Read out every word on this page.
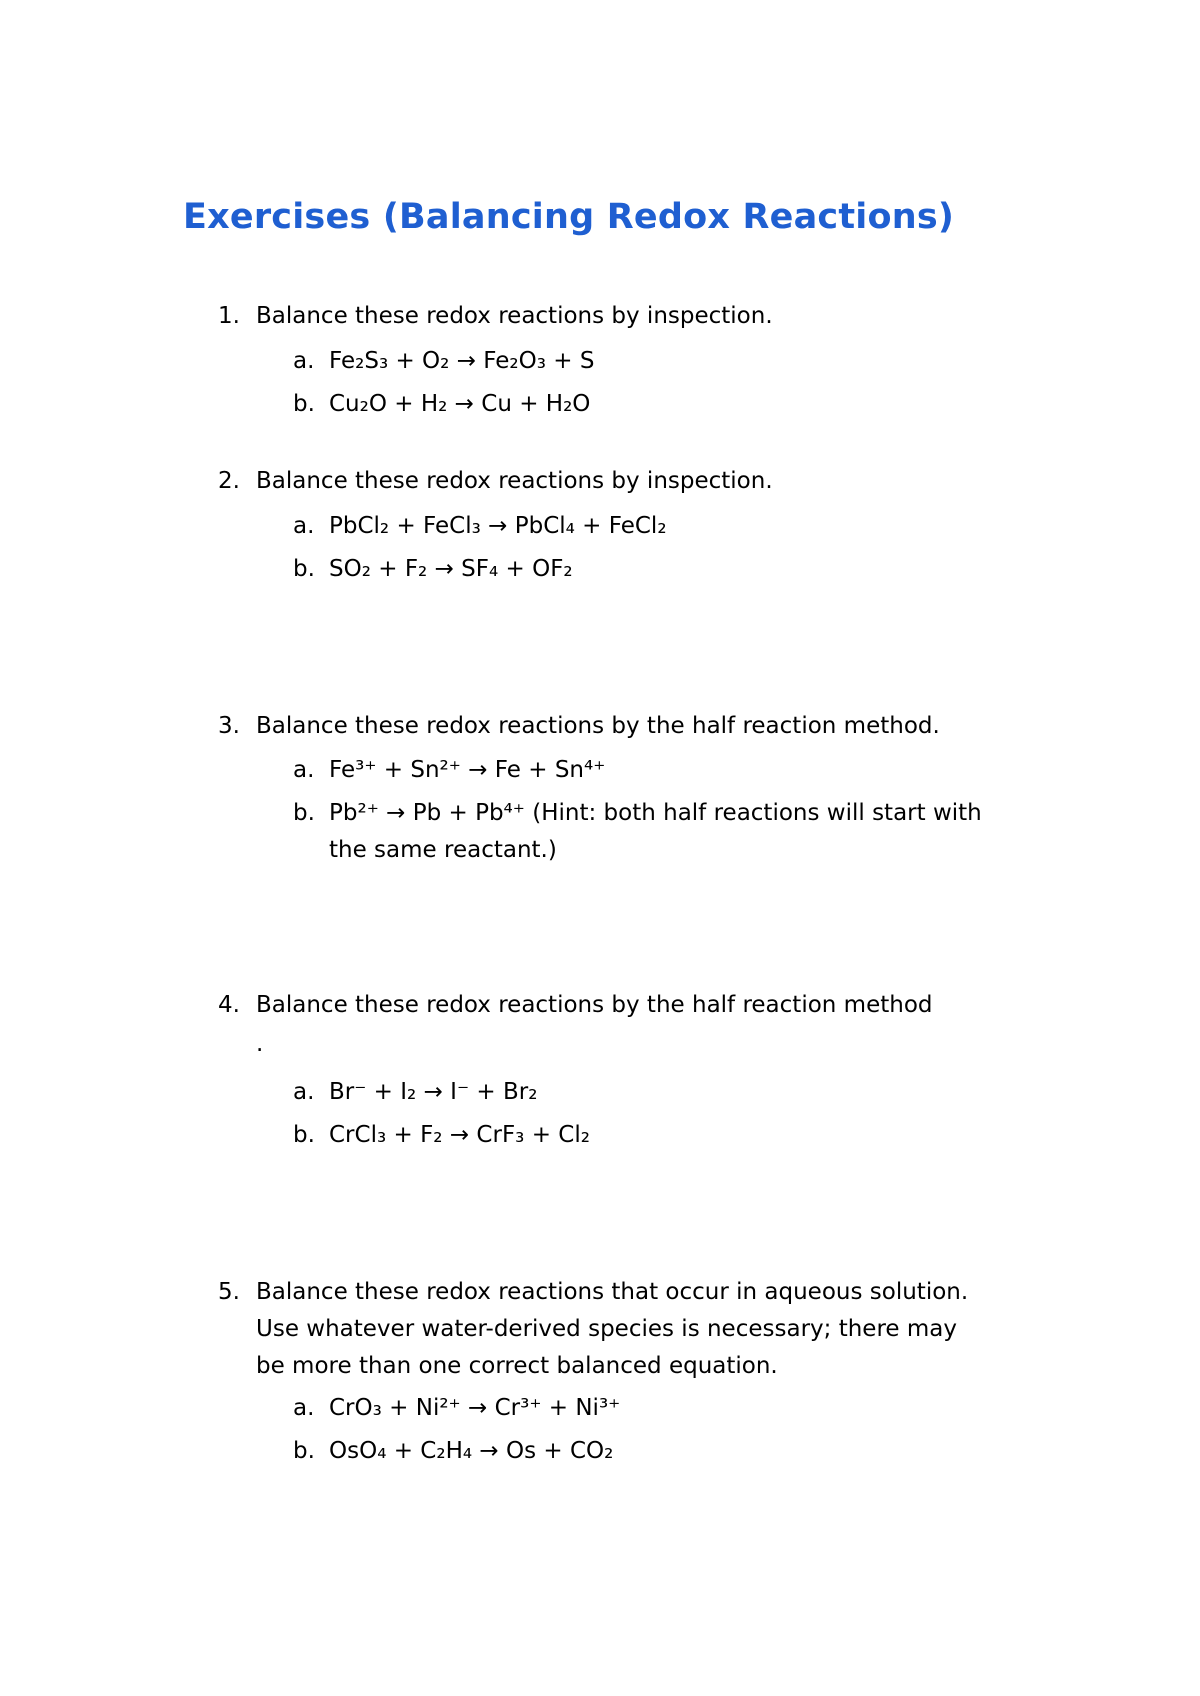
Exercises (Balancing Redox Reactions)
1. Balance these redox reactions by inspection.
a. Fe₂S₃ + O₂ → Fe₂O₃ + S
b. Cu₂O + H₂ → Cu + H₂O
2. Balance these redox reactions by inspection.
a. PbCl₂ + FeCl₃ → PbCl₄ + FeCl₂
b. SO₂ + F₂ → SF₄ + OF₂
3. Balance these redox reactions by the half reaction method.
a. Fe³⁺ + Sn²⁺ → Fe + Sn⁴⁺
b. Pb²⁺ → Pb + Pb⁴⁺ (Hint: both half reactions will start with
the same reactant.)
4. Balance these redox reactions by the half reaction method
.
a. Br⁻ + I₂ → I⁻ + Br₂
b. CrCl₃ + F₂ → CrF₃ + Cl₂
5. Balance these redox reactions that occur in aqueous solution.
Use whatever water-derived species is necessary; there may
be more than one correct balanced equation.
a. CrO₃ + Ni²⁺ → Cr³⁺ + Ni³⁺
b. OsO₄ + C₂H₄ → Os + CO₂
